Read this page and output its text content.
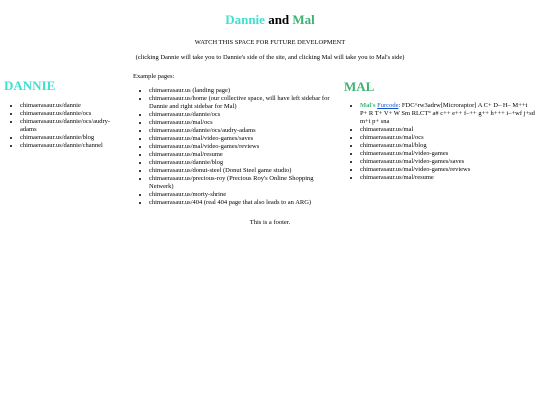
Dannie and Mal
WATCH THIS SPACE FOR FUTURE DEVELOPMENT
(clicking Dannie will take you to Dannie's side of the site, and clicking Mal will take you to Mal's side)
DANNIE
• chimaerasaur.us/dannie
• chimaerasaur.us/dannie/ocs
• chimaerasaur.us/dannie/ocs/audry-adams
• chimaerasaur.us/dannie/blog
• chimaerasaur.us/dannie/channel
Example pages:
• chimaerasaur.us (landing page)
• chimaerasaur.us/home (our collective space, will have left sidebar for Dannie and right sidebar for Mal)
• chimaerasaur.us/dannie/ocs
• chimaerasaur.us/mal/ocs
• chimaerasaur.us/dannie/ocs/audry-adams
• chimaerasaur.us/mal/video-games/saves
• chimaerasaur.us/mal/video-games/reviews
• chimaerasaur.us/mal/resume
• chimaerasaur.us/dannie/blog
• chimaerasaur.us/donut-steel (Donut Steel game studio)
• chimaerasaur.us/precious-roy (Precious Roy's Online Shopping Netwerk)
• chimaerasaur.us/morty-shrine
• chimaerasaur.us/404 (real 404 page that also leads to an ARG)
MAL
• Mal's Furcode: FDC^rw3adrw[Microraptor] A C+ D– H– M++t P+ R T+ V+ W Sm RLCT° a# c++ e++ f–++ g++ h+++ i–+wf j+sd m+i p+ sna
• chimaerasaur.us/mal
• chimaerasaur.us/mal/ocs
• chimaerasaur.us/mal/blog
• chimaerasaur.us/mal/video-games
• chimaerasaur.us/mal/video-games/saves
• chimaerasaur.us/mal/video-games/reviews
• chimaerasaur.us/mal/resume
This is a footer.
